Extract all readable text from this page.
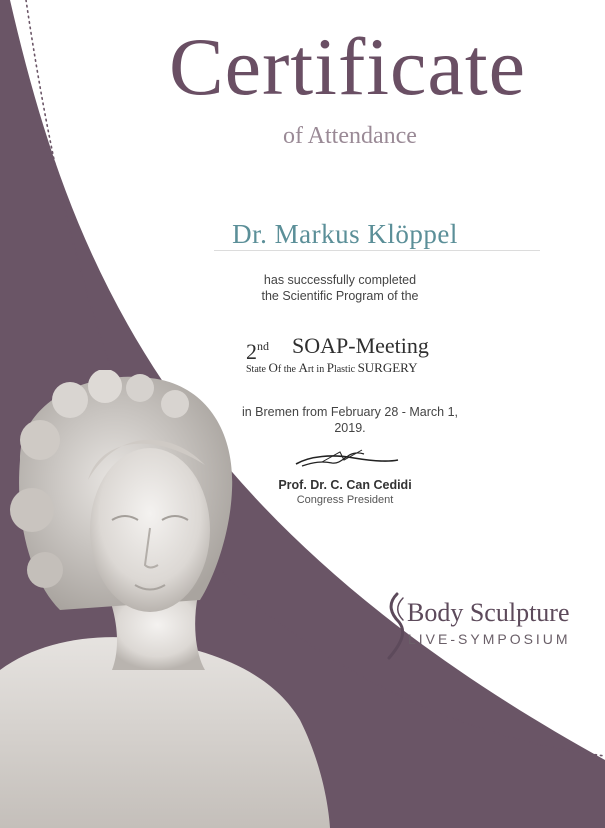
Certificate
of Attendance
Dr. Markus Klöppel
has successfully completed
the Scientific Program of the
2nd SOAP-Meeting
State Of the Art in Plastic SURGERY
in Bremen from February 28 - March 1, 2019.
Prof. Dr. C. Can Cedidi
Congress President
Body Sculpture
LIVE-SYMPOSIUM
